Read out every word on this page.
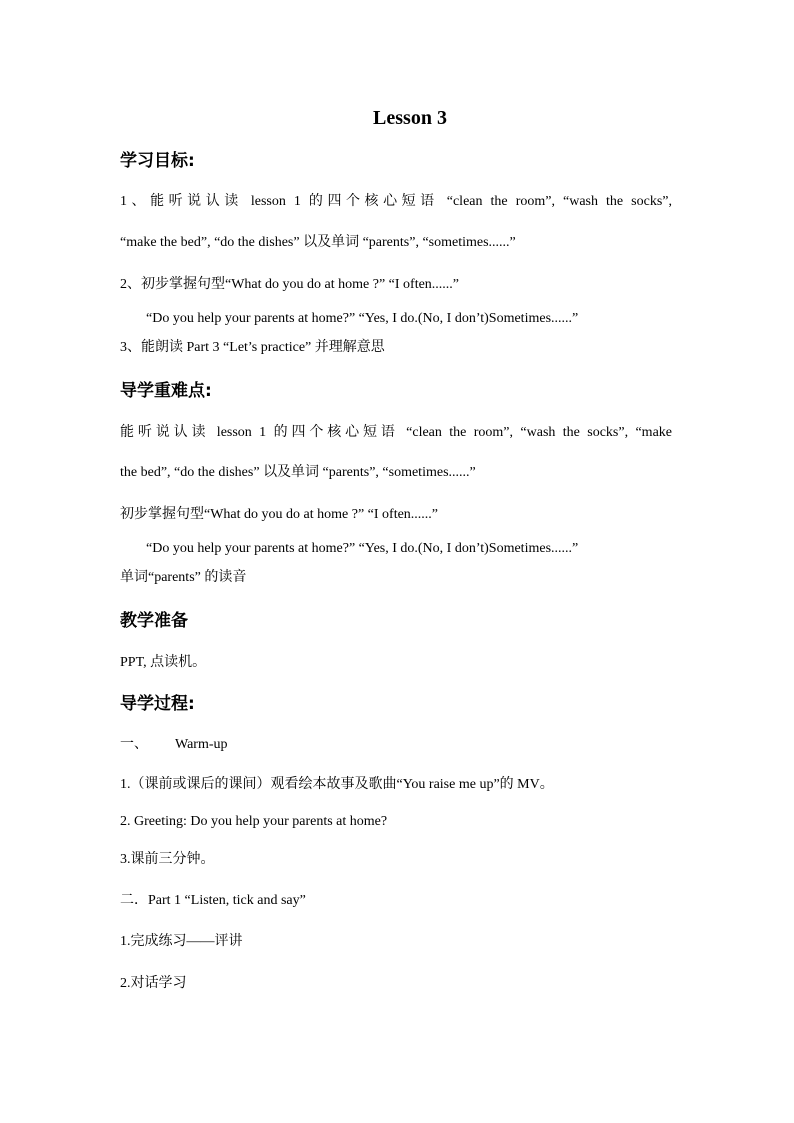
Lesson 3
学习目标:
1、能听说认读 lesson 1 的四个核心短语 “clean the room”, “wash the socks”,
“make the bed”, “do the dishes” 以及单词 “parents”, “sometimes......”
2、初步掌握句型“What do you do at home ?” “I often......”
“Do you help your parents at home?” “Yes, I do.(No, I don’t)Sometimes......”
3、能朗读 Part 3 “Let’s practice” 并理解意思
导学重难点:
能听说认读 lesson 1 的四个核心短语 “clean the room”, “wash the socks”, “make
the bed”, “do the dishes” 以及单词 “parents”, “sometimes......”
初步掌握句型“What do you do at home ?” “I often......”
“Do you help your parents at home?” “Yes, I do.(No, I don’t)Sometimes......”
单词“parents” 的读音
教学准备
PPT, 点读机。
导学过程:
一、 Warm-up
1.（课前或课后的课间）观看绘本故事及歌曲“You raise me up”的 MV。
2. Greeting: Do you help your parents at home?
3.课前三分钟。
二．Part 1 “Listen, tick and say”
1.完成练习——评讲
2.对话学习
